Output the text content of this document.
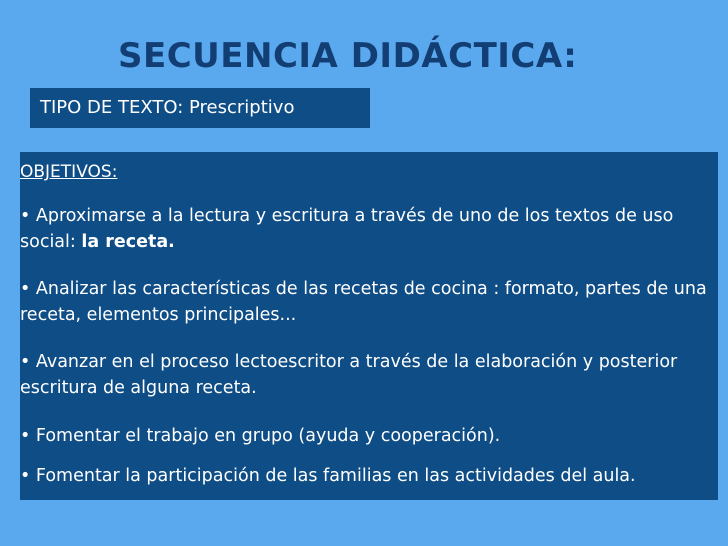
SECUENCIA DIDÁCTICA:
TIPO DE TEXTO: Prescriptivo
OBJETIVOS:
• Aproximarse a la lectura y escritura a través de uno de los textos de uso social: la receta.
• Analizar las características de las recetas de cocina : formato, partes de una receta, elementos principales...
• Avanzar en el proceso lectoescritor a través de la elaboración y posterior escritura de alguna receta.
• Fomentar el trabajo en grupo (ayuda y cooperación).
• Fomentar la participación de las familias en las actividades del aula.
